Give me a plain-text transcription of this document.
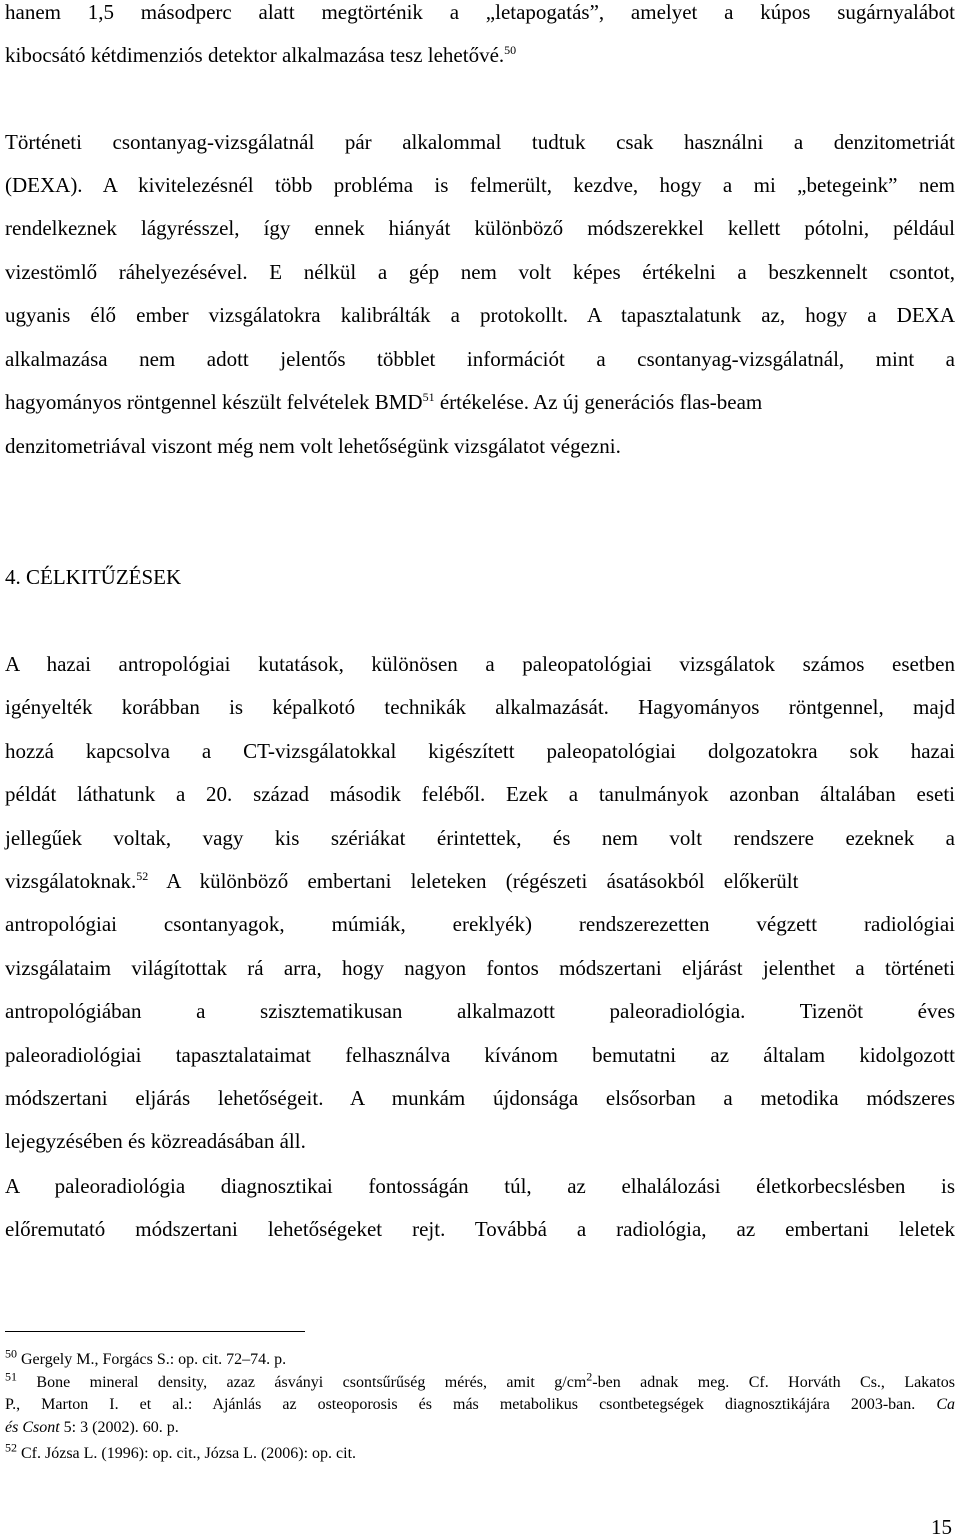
hanem 1,5 másodperc alatt megtörténik a „letapogatás”, amelyet a kúpos sugárnyalábot
kibocsátó kétdimenziós detektor alkalmazása tesz lehetővé.$^{50}$
Történeti csontanyag-vizsgálatnál pár alkalommal tudtuk csak használni a denzitometriát
(DEXA). A kivitelezésnél több probléma is felmerült, kezdve, hogy a mi „betegeink” nem
rendelkeznek lágyrésszel, így ennek hiányát különböző módszerekkel kellett pótolni, például
vizestömlő ráhelyezésével. E nélkül a gép nem volt képes értékelni a beszkennelt csontot,
ugyanis élő ember vizsgálatokra kalibrálták a protokollt. A tapasztalatunk az, hogy a DEXA
alkalmazása nem adott jelentős többlet információt a csontanyag-vizsgálatnál, mint a
hagyományos röntgennel készült felvételek BMD$^{51}$ értékelése. Az új generációs flas-beam
denzitometriával viszont még nem volt lehetőségünk vizsgálatot végezni.
4. CÉLKITŰZÉSEK
A hazai antropológiai kutatások, különösen a paleopatológiai vizsgálatok számos esetben
igényelték korábban is képalkotó technikák alkalmazását. Hagyományos röntgennel, majd
hozzá kapcsolva a CT-vizsgálatokkal kigészített paleopatológiai dolgozatokra sok hazai
példát láthatunk a 20. század második feléből. Ezek a tanulmányok azonban általában eseti
jellegűek voltak, vagy kis szériákat érintettek, és nem volt rendszere ezeknek a
vizsgálatoknak.$^{52}$ A különböző embertani leleteken (régészeti ásatásokból előkerült
antropológiai csontanyagok, múmiák, ereklyék) rendszerezetten végzett radiológiai
vizsgálataim világítottak rá arra, hogy nagyon fontos módszertani eljárást jelenthet a történeti
antropológiában a szisztematikusan alkalmazott paleoradiológia. Tizenöt éves
paleoradiológiai tapasztalataimat felhasználva kívánom bemutatni az általam kidolgozott
módszertani eljárás lehetőségeit. A munkám újdonsága elsősorban a metodika módszeres
lejegyzésében és közreadásában áll.
A paleoradiológia diagnosztikai fontosságán túl, az elhalálozási életkorbecslésben is
előremutató módszertani lehetőségeket rejt. Továbbá a radiológia, az embertani leletek
$^{50}$ Gergely M., Forgács S.: op. cit. 72–74. p.
$^{51}$ Bone mineral density, azaz ásványi csontsűrűség mérés, amit $g/cm^2$-ben adnak meg. Cf. Horváth Cs., Lakatos
P., Marton I. et al.: Ajánlás az osteoporosis és más metabolikus csontbetegségek diagnosztikájára 2003-ban. Ca
és Csont 5: 3 (2002). 60. p.
$^{52}$ Cf. Józsa L. (1996): op. cit., Józsa L. (2006): op. cit.
15
